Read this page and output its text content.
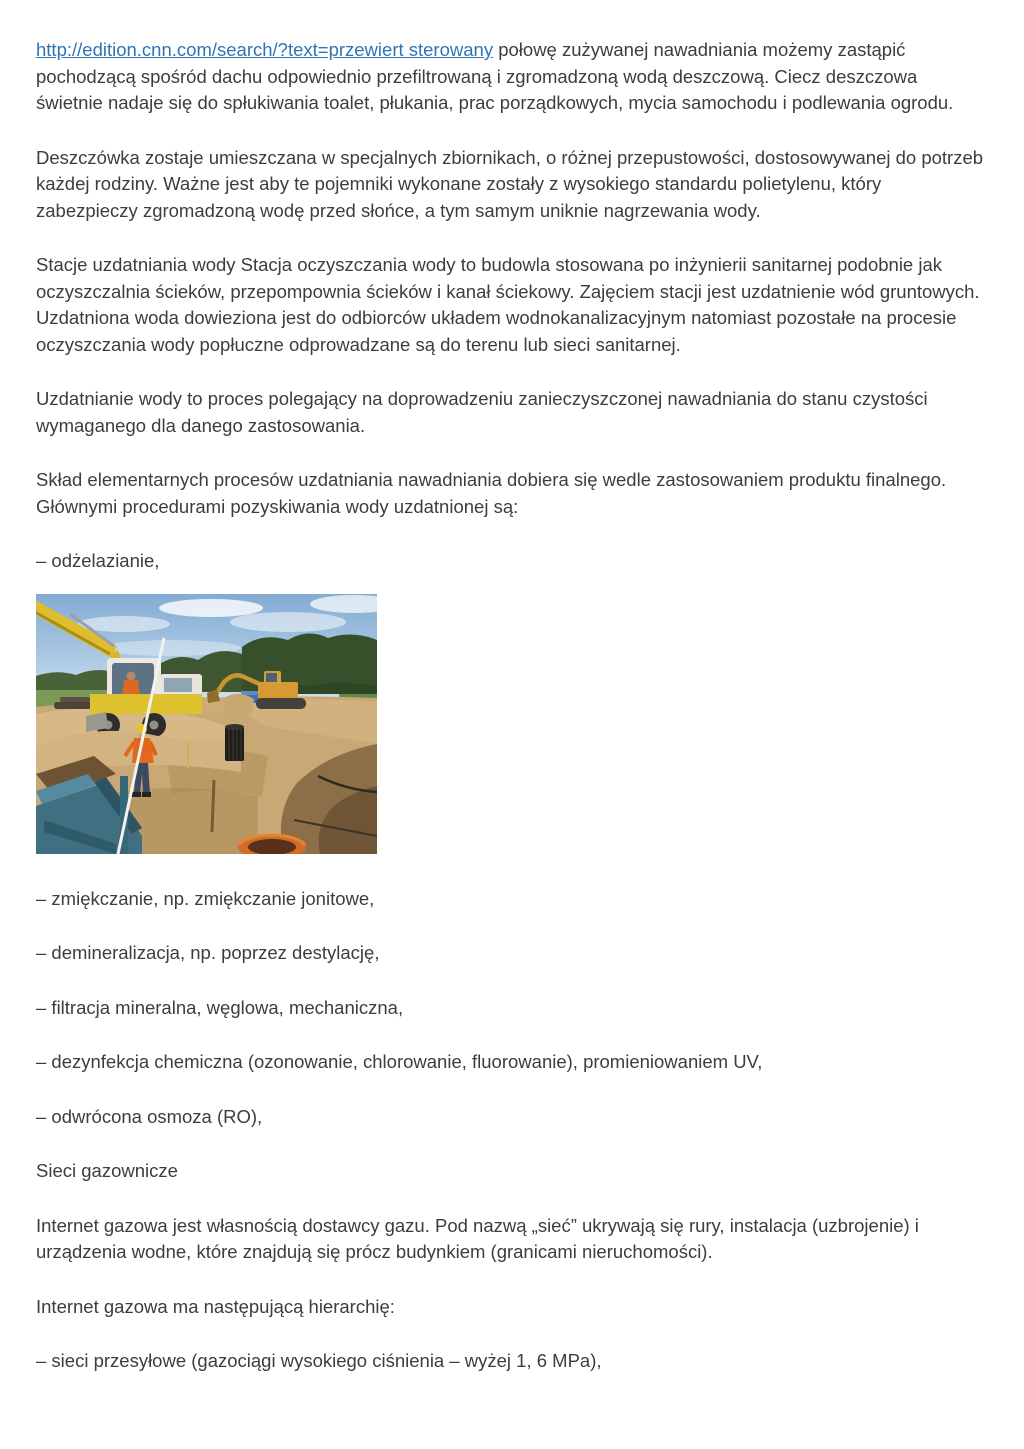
http://edition.cnn.com/search/?text=przewiert sterowany połowę zużywanej nawadniania możemy zastąpić pochodzącą spośród dachu odpowiednio przefiltrowaną i zgromadzoną wodą deszczową. Ciecz deszczowa świetnie nadaje się do spłukiwania toalet, płukania, prac porządkowych, mycia samochodu i podlewania ogrodu.

Deszczówka zostaje umieszczana w specjalnych zbiornikach, o różnej przepustowości, dostosowywanej do potrzeb każdej rodziny. Ważne jest aby te pojemniki wykonane zostały z wysokiego standardu polietylenu, który zabezpieczy zgromadzoną wodę przed słońce, a tym samym uniknie nagrzewania wody.

Stacje uzdatniania wody Stacja oczyszczania wody to budowla stosowana po inżynierii sanitarnej podobnie jak oczyszczalnia ścieków, przepompownia ścieków i kanał ściekowy. Zajęciem stacji jest uzdatnienie wód gruntowych. Uzdatniona woda dowieziona jest do odbiorców układem wodnokanalizacyjnym natomiast pozostałe na procesie oczyszczania wody popłuczne odprowadzane są do terenu lub sieci sanitarnej.

Uzdatnianie wody to proces polegający na doprowadzeniu zanieczyszczonej nawadniania do stanu czystości wymaganego dla danego zastosowania.

Skład elementarnych procesów uzdatniania nawadniania dobiera się wedle zastosowaniem produktu finalnego. Głównymi procedurami pozyskiwania wody uzdatnionej są:

– odżelazianie,

– zmiękczanie, np. zmiękczanie jonitowe,

– demineralizacja, np. poprzez destylację,

– filtracja mineralna, węglowa, mechaniczna,

– dezynfekcja chemiczna (ozonowanie, chlorowanie, fluorowanie), promieniowaniem UV,

– odwrócona osmoza (RO),

Sieci gazownicze

Internet gazowa jest własnością dostawcy gazu. Pod nazwą „sieć” ukrywają się rury, instalacja (uzbrojenie) i urządzenia wodne, które znajdują się prócz budynkiem (granicami nieruchomości).

Internet gazowa ma następującą hierarchię:

– sieci przesyłowe (gazociągi wysokiego ciśnienia – wyżej 1, 6 MPa),
